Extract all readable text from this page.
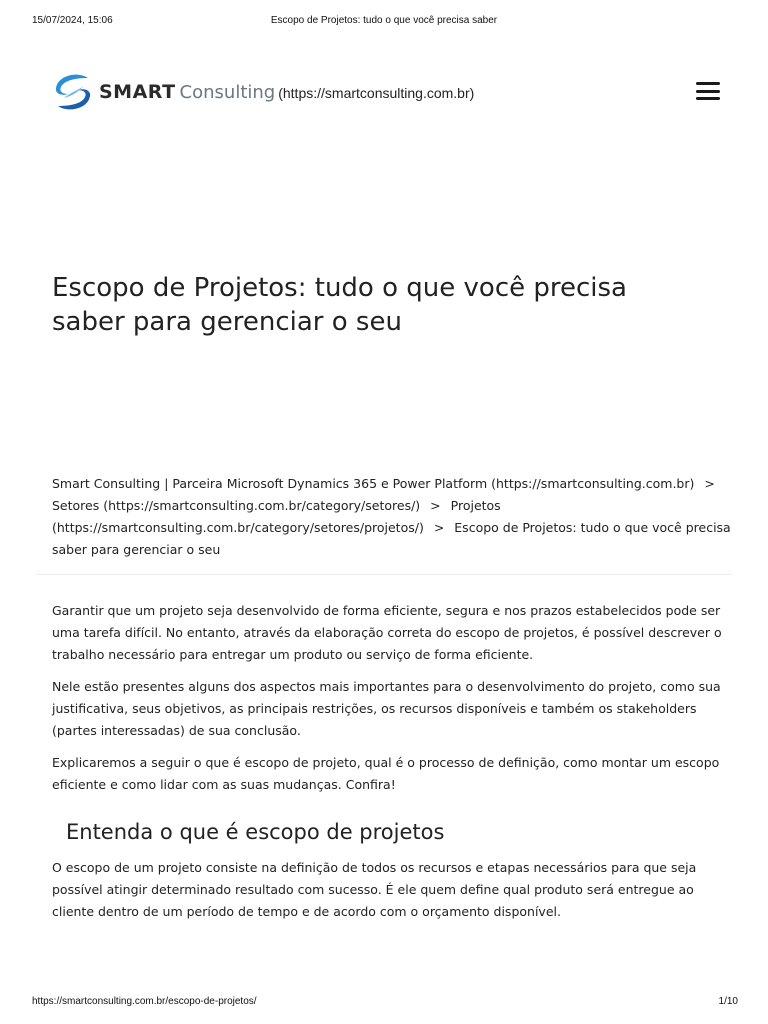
15/07/2024, 15:06	Escopo de Projetos: tudo o que você precisa saber
SMART Consulting (https://smartconsulting.com.br)
Escopo de Projetos: tudo o que você precisa saber para gerenciar o seu
Smart Consulting | Parceira Microsoft Dynamics 365 e Power Platform (https://smartconsulting.com.br) > Setores (https://smartconsulting.com.br/category/setores/) > Projetos (https://smartconsulting.com.br/category/setores/projetos/) > Escopo de Projetos: tudo o que você precisa saber para gerenciar o seu

Garantir que um projeto seja desenvolvido de forma eficiente, segura e nos prazos estabelecidos pode ser uma tarefa difícil. No entanto, através da elaboração correta do escopo de projetos, é possível descrever o trabalho necessário para entregar um produto ou serviço de forma eficiente.

Nele estão presentes alguns dos aspectos mais importantes para o desenvolvimento do projeto, como sua justificativa, seus objetivos, as principais restrições, os recursos disponíveis e também os stakeholders (partes interessadas) de sua conclusão.

Explicaremos a seguir o que é escopo de projeto, qual é o processo de definição, como montar um escopo eficiente e como lidar com as suas mudanças. Confira!

Entenda o que é escopo de projetos

O escopo de um projeto consiste na definição de todos os recursos e etapas necessários para que seja possível atingir determinado resultado com sucesso. É ele quem define qual produto será entregue ao cliente dentro de um período de tempo e de acordo com o orçamento disponível.

https://smartconsulting.com.br/escopo-de-projetos/	1/10
